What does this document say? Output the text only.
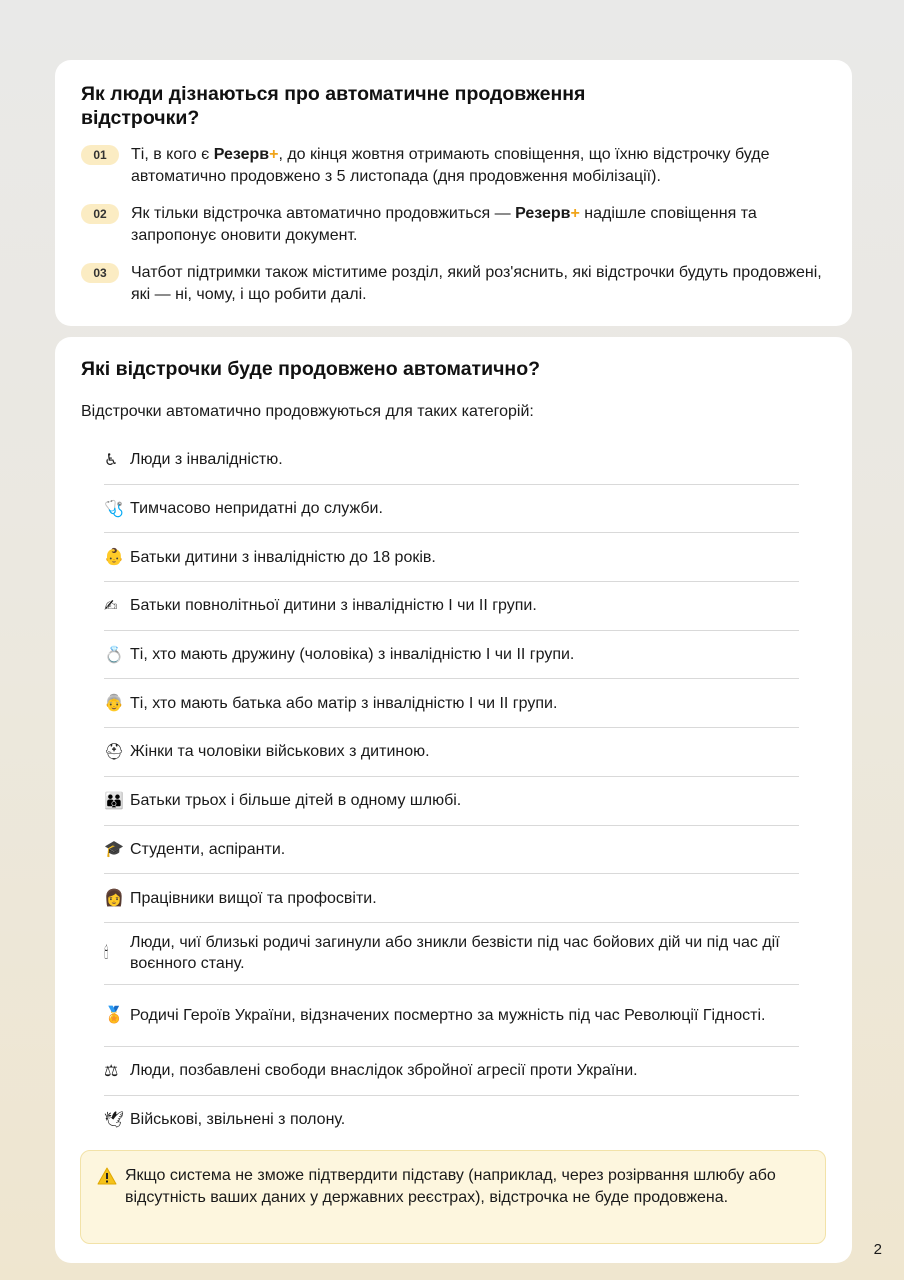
Як люди дізнаються про автоматичне продовження відстрочки?
01	Ті, в кого є Резерв+, до кінця жовтня отримають сповіщення, що їхню відстрочку буде автоматично продовжено з 5 листопада (дня продовження мобілізації).

02	Як тільки відстрочка автоматично продовжиться — Резерв+ надішле сповіщення та запропонує оновити документ.

03	Чатбот підтримки також міститиме розділ, який роз'яснить, які відстрочки будуть продовжені, які — ні, чому, і що робити далі.

Які відстрочки буде продовжено автоматично?

Відстрочки автоматично продовжуються для таких категорій:

♿ Люди з інвалідністю.
🩺 Тимчасово непридатні до служби.
👶 Батьки дитини з інвалідністю до 18 років.
✍ Батьки повнолітньої дитини з інвалідністю І чи ІІ групи.
💍 Ті, хто мають дружину (чоловіка) з інвалідністю І чи ІІ групи.
👵 Ті, хто мають батька або матір з інвалідністю І чи ІІ групи.
⛑ Жінки та чоловіки військових з дитиною.
👪 Батьки трьох і більше дітей в одному шлюбі.
🎓 Студенти, аспіранти.
👩 Працівники вищої та профосвіти.
🕯
Люди, чиї близькі родичі загинули або зникли безвісти під час бойових дій чи під час дії воєнного стану.
🏅 Родичі Героїв України, відзначених посмертно за мужність під час Революції Гідності.
⚖ Люди, позбавлені свободи внаслідок збройної агресії проти України.
🕊 Військові, звільнені з полону.

Якщо система не зможе підтвердити підставу (наприклад, через розірвання шлюбу або відсутність ваших даних у державних реєстрах), відстрочка не буде продовжена.

2
